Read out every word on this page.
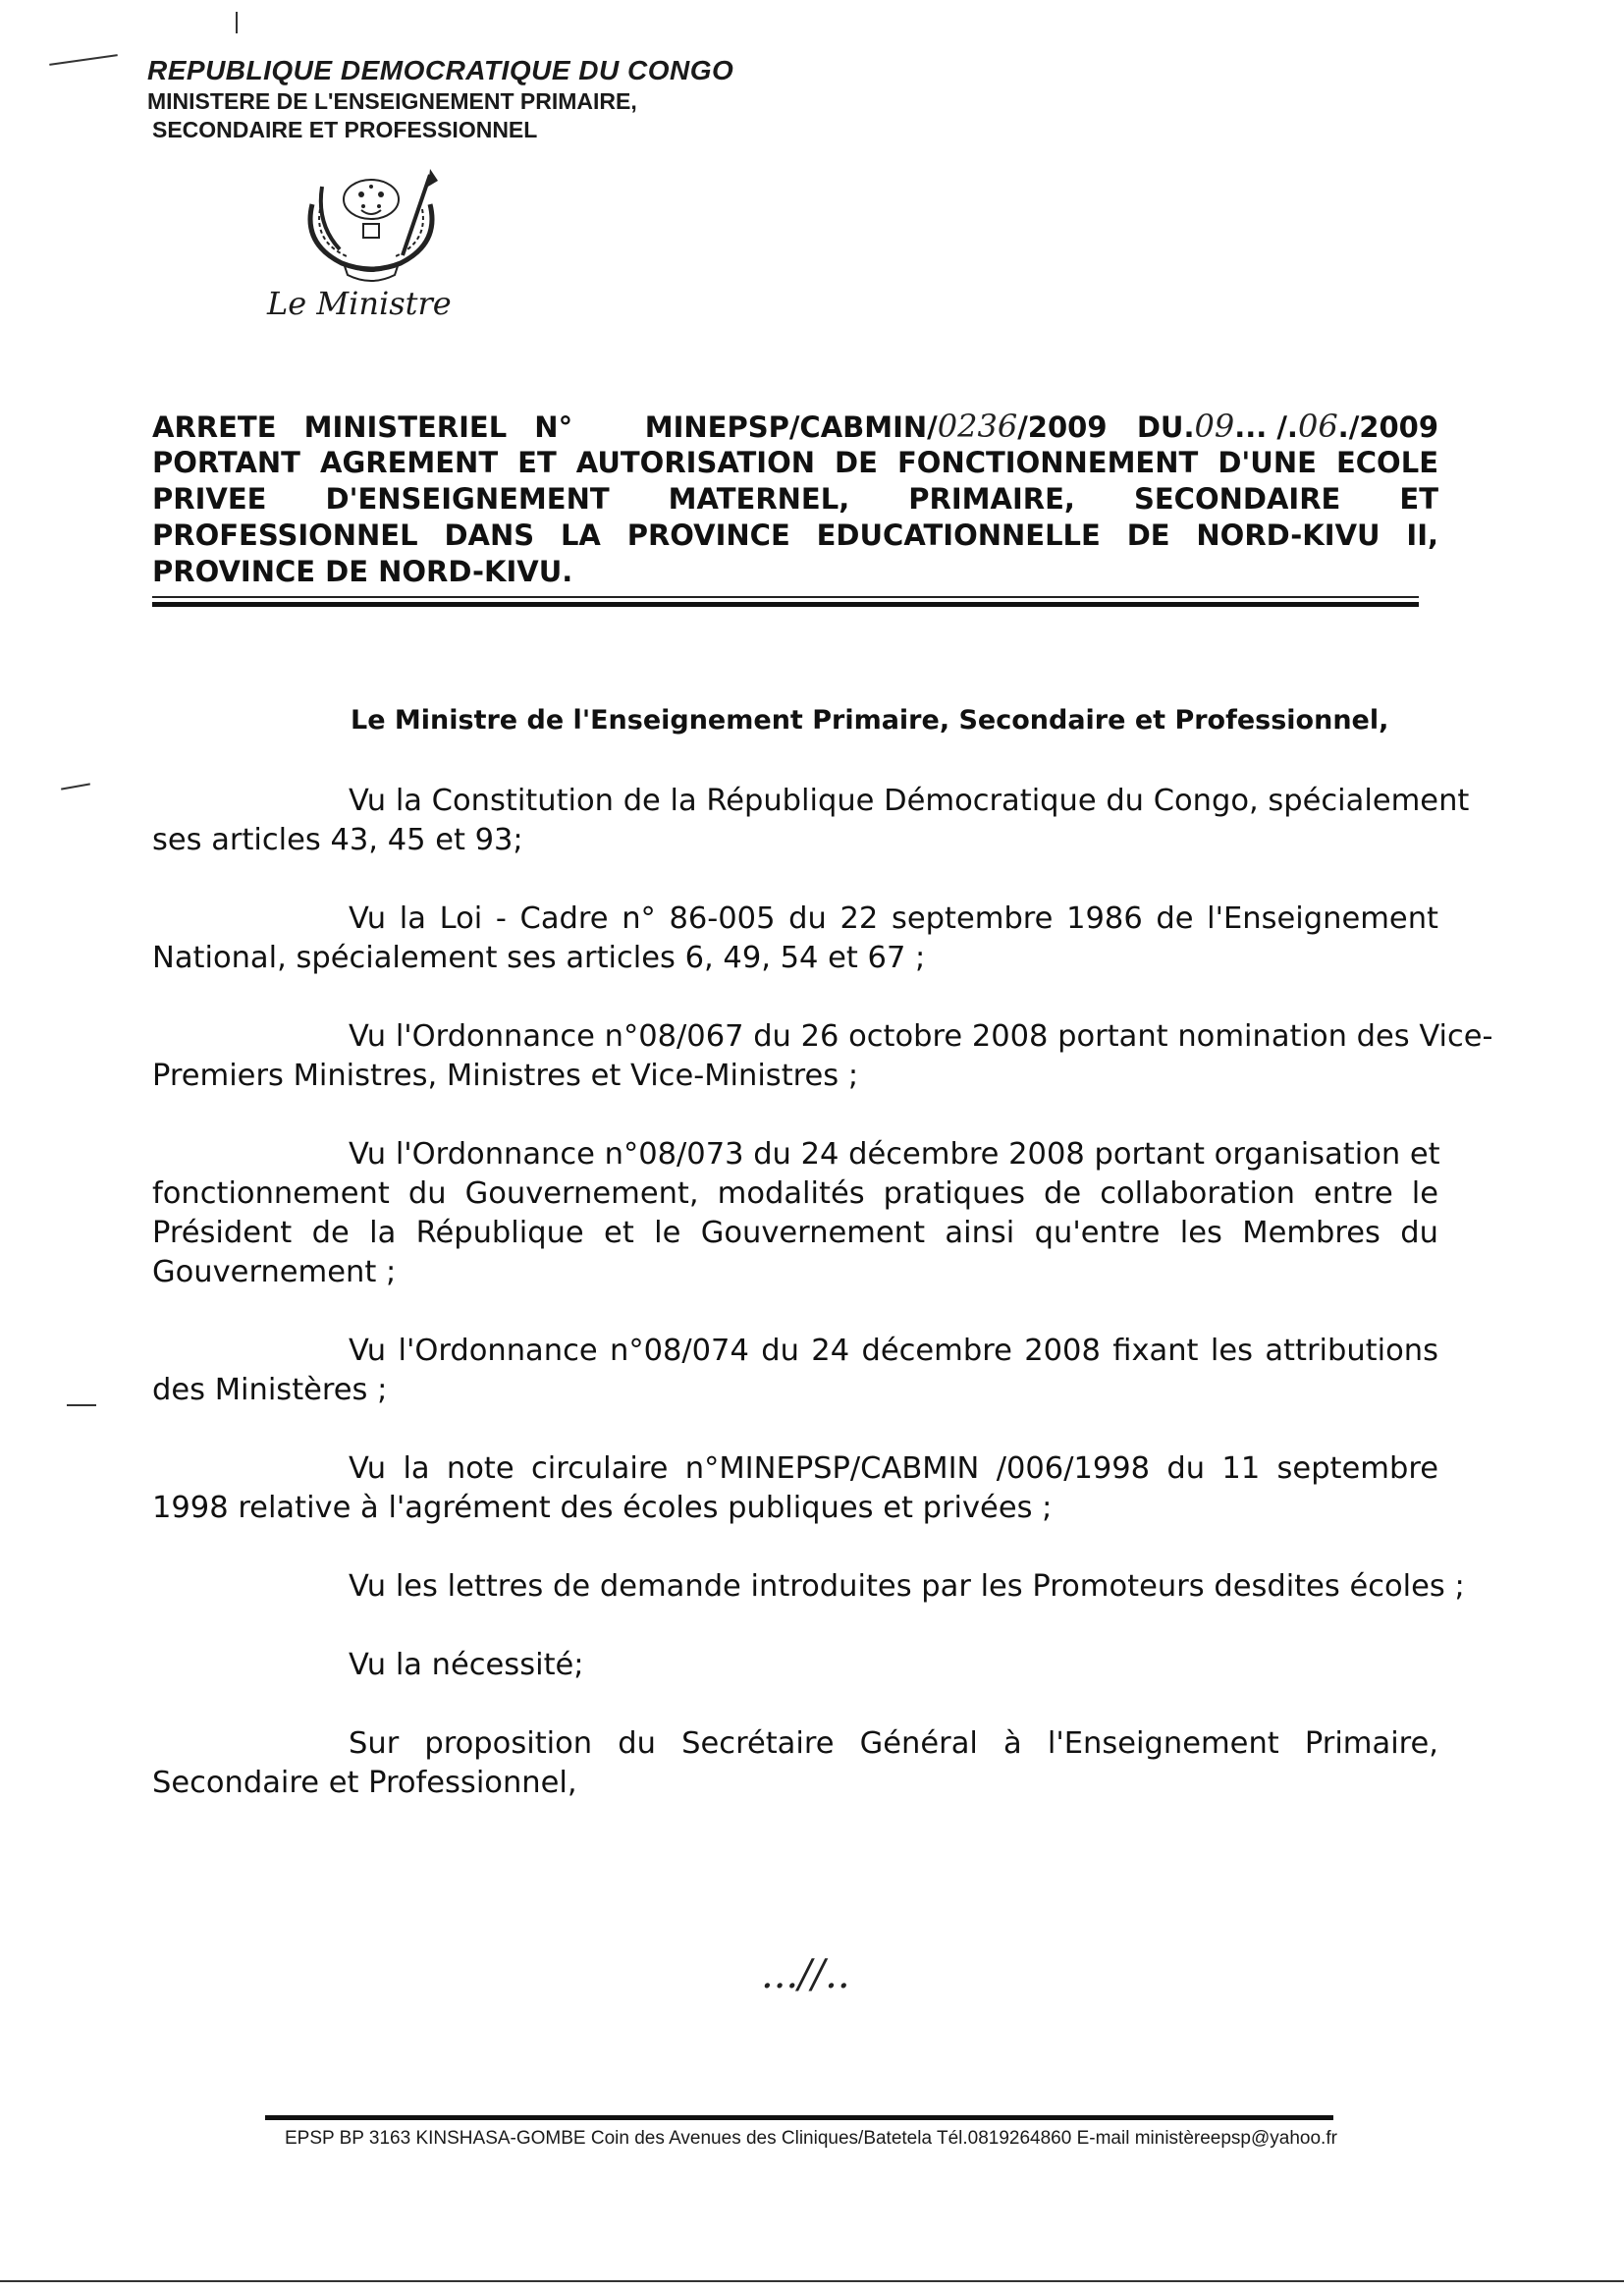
REPUBLIQUE DEMOCRATIQUE DU CONGO
MINISTERE DE L'ENSEIGNEMENT PRIMAIRE,
SECONDAIRE ET PROFESSIONNEL
Le Ministre
ARRETE MINISTERIEL N°	MINEPSP/CABMIN/ 0236 /2009
DU. 09 ... /. 06 ./2009
PORTANT AGREMENT ET AUTORISATION DE FONCTIONNEMENT D'UNE ECOLE
PRIVEE D'ENSEIGNEMENT MATERNEL, PRIMAIRE, SECONDAIRE ET
PROFESSIONNEL DANS LA PROVINCE EDUCATIONNELLE DE NORD-KIVU II,
PROVINCE DE NORD-KIVU.
Le Ministre de l'Enseignement Primaire, Secondaire et Professionnel,
Vu la Constitution de la République Démocratique du Congo, spécialement
ses articles 43, 45 et 93;
Vu la Loi - Cadre n° 86-005 du 22 septembre 1986 de l'Enseignement
National, spécialement ses articles 6, 49, 54 et 67 ;
Vu l'Ordonnance n°08/067 du 26 octobre 2008 portant nomination des Vice-
Premiers Ministres, Ministres et Vice-Ministres ;
Vu l'Ordonnance n°08/073 du 24 décembre 2008 portant organisation et
fonctionnement du Gouvernement, modalités pratiques de collaboration entre le
Président de la République et le Gouvernement ainsi qu'entre les Membres du
Gouvernement ;
Vu l'Ordonnance n°08/074 du 24 décembre 2008 fixant les attributions
des Ministères ;
Vu la note circulaire n°MINEPSP/CABMIN /006/1998 du 11 septembre
1998 relative à l'agrément des écoles publiques et privées ;
Vu les lettres de demande introduites par les Promoteurs desdites écoles ;
Vu la nécessité;
Sur proposition du Secrétaire Général à l'Enseignement Primaire,
Secondaire et Professionnel,
...//..
EPSP BP 3163 KINSHASA-GOMBE Coin des Avenues des Cliniques/Batetela Tél.0819264860 E-mail ministèreepsp@yahoo.fr
